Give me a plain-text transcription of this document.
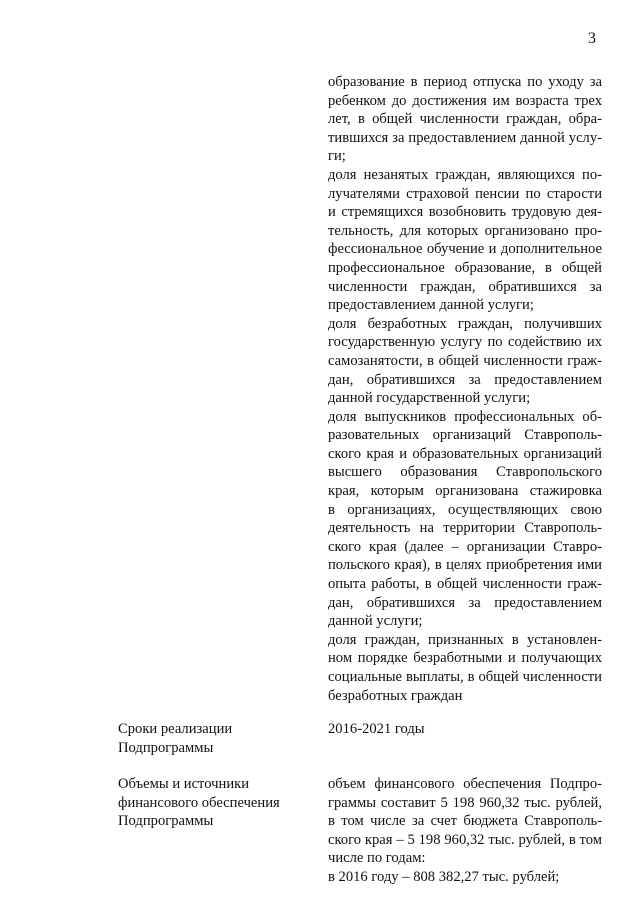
3
образование в период отпуска по уходу за
ребенком до достижения им возраста трех
лет, в общей численности граждан, обра-
тившихся за предоставлением данной услу-
ги;
доля незанятых граждан, являющихся по-
лучателями страховой пенсии по старости
и стремящихся возобновить трудовую дея-
тельность, для которых организовано про-
фессиональное обучение и дополнительное
профессиональное образование, в общей
численности граждан, обратившихся за
предоставлением данной услуги;
доля безработных граждан, получивших
государственную услугу по содействию их
самозанятости, в общей численности граж-
дан, обратившихся за предоставлением
данной государственной услуги;
доля выпускников профессиональных об-
разовательных организаций Ставрополь-
ского края и образовательных организаций
высшего образования Ставропольского
края, которым организована стажировка
в организациях, осуществляющих свою
деятельность на территории Ставрополь-
ского края (далее – организации Ставро-
польского края), в целях приобретения ими
опыта работы, в общей численности граж-
дан, обратившихся за предоставлением
данной услуги;
доля граждан, признанных в установлен-
ном порядке безработными и получающих
социальные выплаты, в общей численности
безработных граждан
Сроки реализации
Подпрограммы
2016-2021 годы
Объемы и источники
финансового обеспечения
Подпрограммы
объем финансового обеспечения Подпро-
граммы составит 5 198 960,32 тыс. рублей,
в том числе за счет бюджета Ставрополь-
ского края – 5 198 960,32 тыс. рублей, в том
числе по годам:
в 2016 году – 808 382,27 тыс. рублей;
